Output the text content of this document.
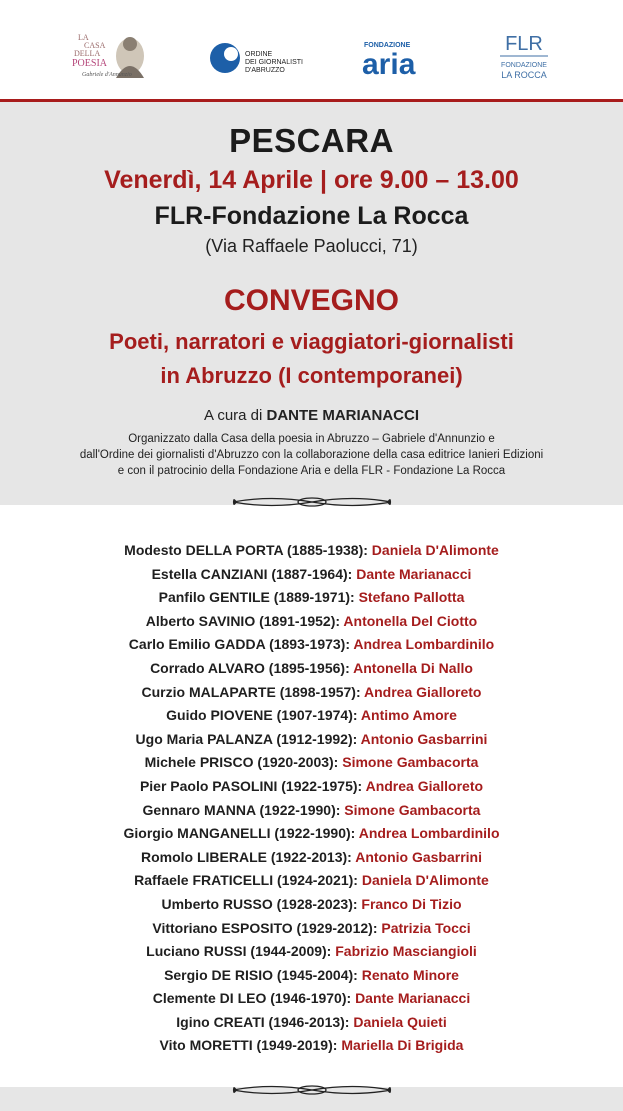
LA
CASA
DELLA
POESIA
Gabriele d'Annunzio
ORDINE
DEI GIORNALISTI
D'ABRUZZO
FONDAZIONE
aria
FLR
FONDAZIONE
LA ROCCA
PESCARA
Venerdì, 14 Aprile | ore 9.00 – 13.00
FLR-Fondazione La Rocca
(Via Raffaele Paolucci, 71)
CONVEGNO
Poeti, narratori e viaggiatori-giornalisti
in Abruzzo (I contemporanei)
A cura di DANTE MARIANACCI
Organizzato dalla Casa della poesia in Abruzzo – Gabriele d'Annunzio e
dall'Ordine dei giornalisti d'Abruzzo con la collaborazione della casa editrice Ianieri Edizioni
e con il patrocinio della Fondazione Aria e della FLR - Fondazione La Rocca
Modesto DELLA PORTA (1885-1938): Daniela D'Alimonte
Estella CANZIANI (1887-1964): Dante Marianacci
Panfilo GENTILE (1889-1971): Stefano Pallotta
Alberto SAVINIO (1891-1952): Antonella Del Ciotto
Carlo Emilio GADDA (1893-1973): Andrea Lombardinilo
Corrado ALVARO (1895-1956): Antonella Di Nallo
Curzio MALAPARTE (1898-1957): Andrea Gialloreto
Guido PIOVENE (1907-1974): Antimo Amore
Ugo Maria PALANZA (1912-1992): Antonio Gasbarrini
Michele PRISCO (1920-2003): Simone Gambacorta
Pier Paolo PASOLINI (1922-1975): Andrea Gialloreto
Gennaro MANNA (1922-1990): Simone Gambacorta
Giorgio MANGANELLI (1922-1990): Andrea Lombardinilo
Romolo LIBERALE (1922-2013): Antonio Gasbarrini
Raffaele FRATICELLI (1924-2021): Daniela D'Alimonte
Umberto RUSSO (1928-2023): Franco Di Tizio
Vittoriano ESPOSITO (1929-2012): Patrizia Tocci
Luciano RUSSI (1944-2009): Fabrizio Masciangioli
Sergio DE RISIO (1945-2004): Renato Minore
Clemente DI LEO (1946-1970): Dante Marianacci
Igino CREATI (1946-2013): Daniela Quieti
Vito MORETTI (1949-2019): Mariella Di Brigida
